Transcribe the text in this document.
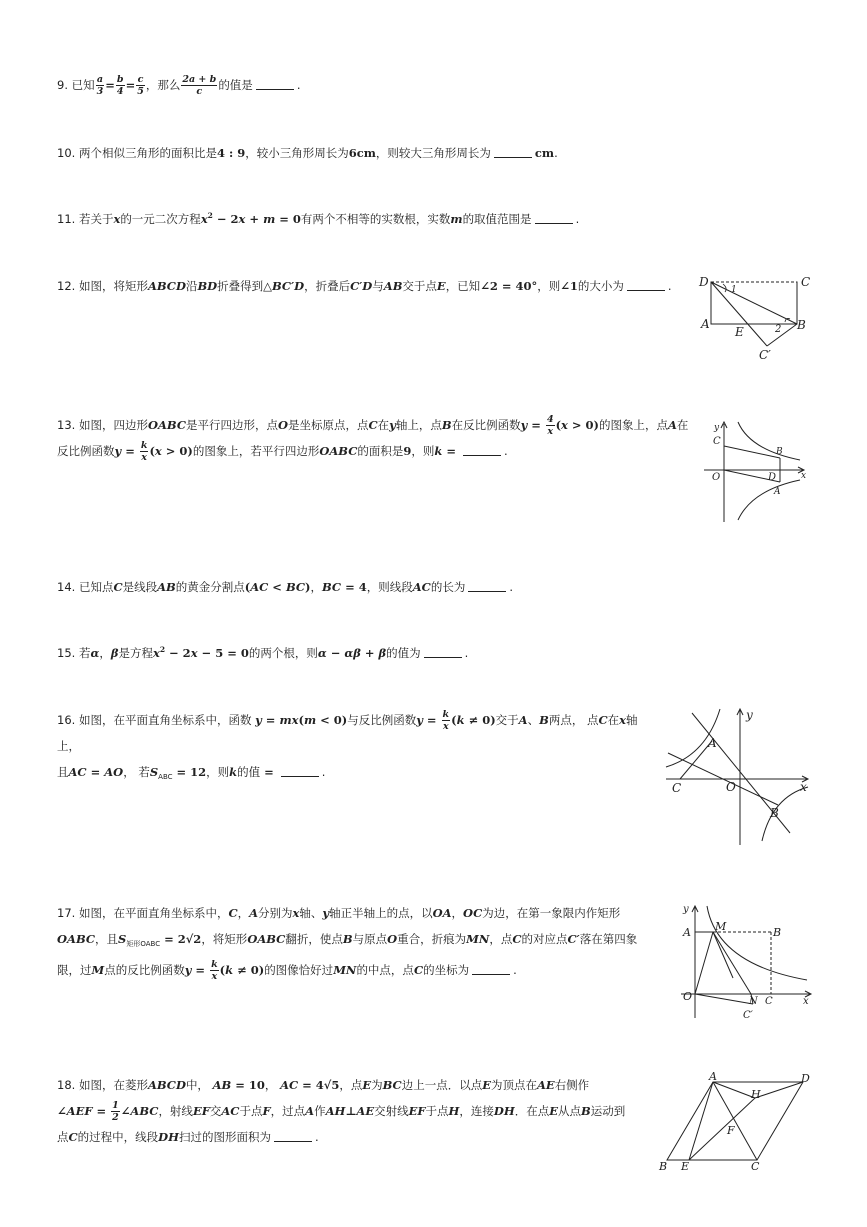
9. 已知 $\frac{a}{3} = \frac{b}{4} = \frac{c}{5}$ ，那么 $\frac{2a + b}{c}$ 的值是	.
10. 两个相似三角形的面积比是4 : 9，较小三角形周长为6cm，则较大三角形周长为	cm.
11. 若关于x的一元二次方程$x^2 - 2x + m = 0$有两个不相等的实数根，实数m的取值范围是	.
12. 如图，将矩形ABCD沿BD折叠得到△BC′D，折叠后C′D与AB交于点E，已知∠2 = 40°，则∠1的大小为	. D	C
1
A
E	2 B
C′
13. 如图，四边形OABC是平行四边形，点O是坐标原点，点C在y轴上，点B在反比例函数$y = \frac{4}{x} (x > 0)$的图象上，点A在
反比例函数$y = \frac{k}{x} (x > 0)$的图象上，若平行四边形OABC的面积是9，则k =	.
y
C
B
O	D	x
A
14. 已知点C是线段AB的黄金分割点(AC < BC)，BC = 4，则线段AC的长为	.
15. 若α，β是方程$x^2 - 2x - 5 = 0$的两个根，则α − αβ + β的值为	.
16. 如图，在平面直角坐标系中，函数 y = mx(m < 0)与反比例函数$y = \frac{k}{x} (k \ne 0)$交于A、B两点， 点C在x轴上，
且AC = AO， 若$S_{ABC} = 12$，则k的值 =	.
y
A
C	O	x
B
17. 如图，在平面直角坐标系中，C，A分别为x轴、y轴正半轴上的点，以OA，OC为边，在第一象限内作矩形
OABC，且$S_{矩形OABC} = 2√2$，将矩形OABC翻折，使点B与原点O重合，折痕为MN，点C的对应点C′落在第四象
限，过M点的反比例函数$y = \frac{k}{x} (k \ne 0)$的图像恰好过MN的中点，点C的坐标为	.
y
A M	B
O	N C	x
C′
18. 如图，在菱形ABCD中， AB = 10， AC = 4√5，点E为BC边上一点．以点E为顶点在AE右侧作
∠AEF = $\frac{1}{2}$ ∠ABC，射线EF交AC于点F，过点A作AH⊥AE交射线EF于点H，连接DH．在点E从点B运动到
点C的过程中，线段DH扫过的图形面积为	.
A	D
H
F
B E	C
